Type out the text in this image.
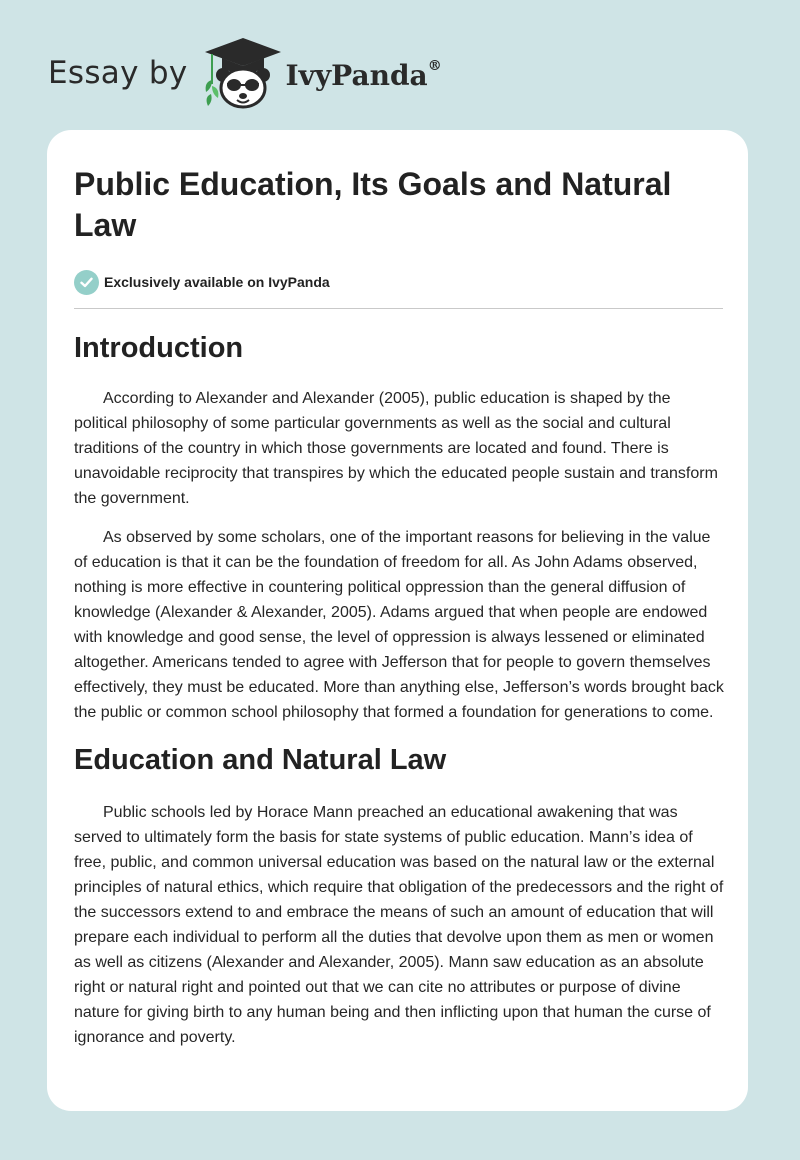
Essay by	IvyPanda®
Public Education, Its Goals and Natural Law
Exclusively available on IvyPanda
Introduction

According to Alexander and Alexander (2005), public education is shaped by the political philosophy of some particular governments as well as the social and cultural traditions of the country in which those governments are located and found. There is unavoidable reciprocity that transpires by which the educated people sustain and transform the government.

As observed by some scholars, one of the important reasons for believing in the value of education is that it can be the foundation of freedom for all. As John Adams observed, nothing is more effective in countering political oppression than the general diffusion of knowledge (Alexander & Alexander, 2005). Adams argued that when people are endowed with knowledge and good sense, the level of oppression is always lessened or eliminated altogether. Americans tended to agree with Jefferson that for people to govern themselves effectively, they must be educated. More than anything else, Jefferson’s words brought back the public or common school philosophy that formed a foundation for generations to come.

Education and Natural Law

Public schools led by Horace Mann preached an educational awakening that was served to ultimately form the basis for state systems of public education. Mann’s idea of free, public, and common universal education was based on the natural law or the external principles of natural ethics, which require that obligation of the predecessors and the right of the successors extend to and embrace the means of such an amount of education that will prepare each individual to perform all the duties that devolve upon them as men or women as well as citizens (Alexander and Alexander, 2005). Mann saw education as an absolute right or natural right and pointed out that we can cite no attributes or purpose of divine nature for giving birth to any human being and then inflicting upon that human the curse of ignorance and poverty.
